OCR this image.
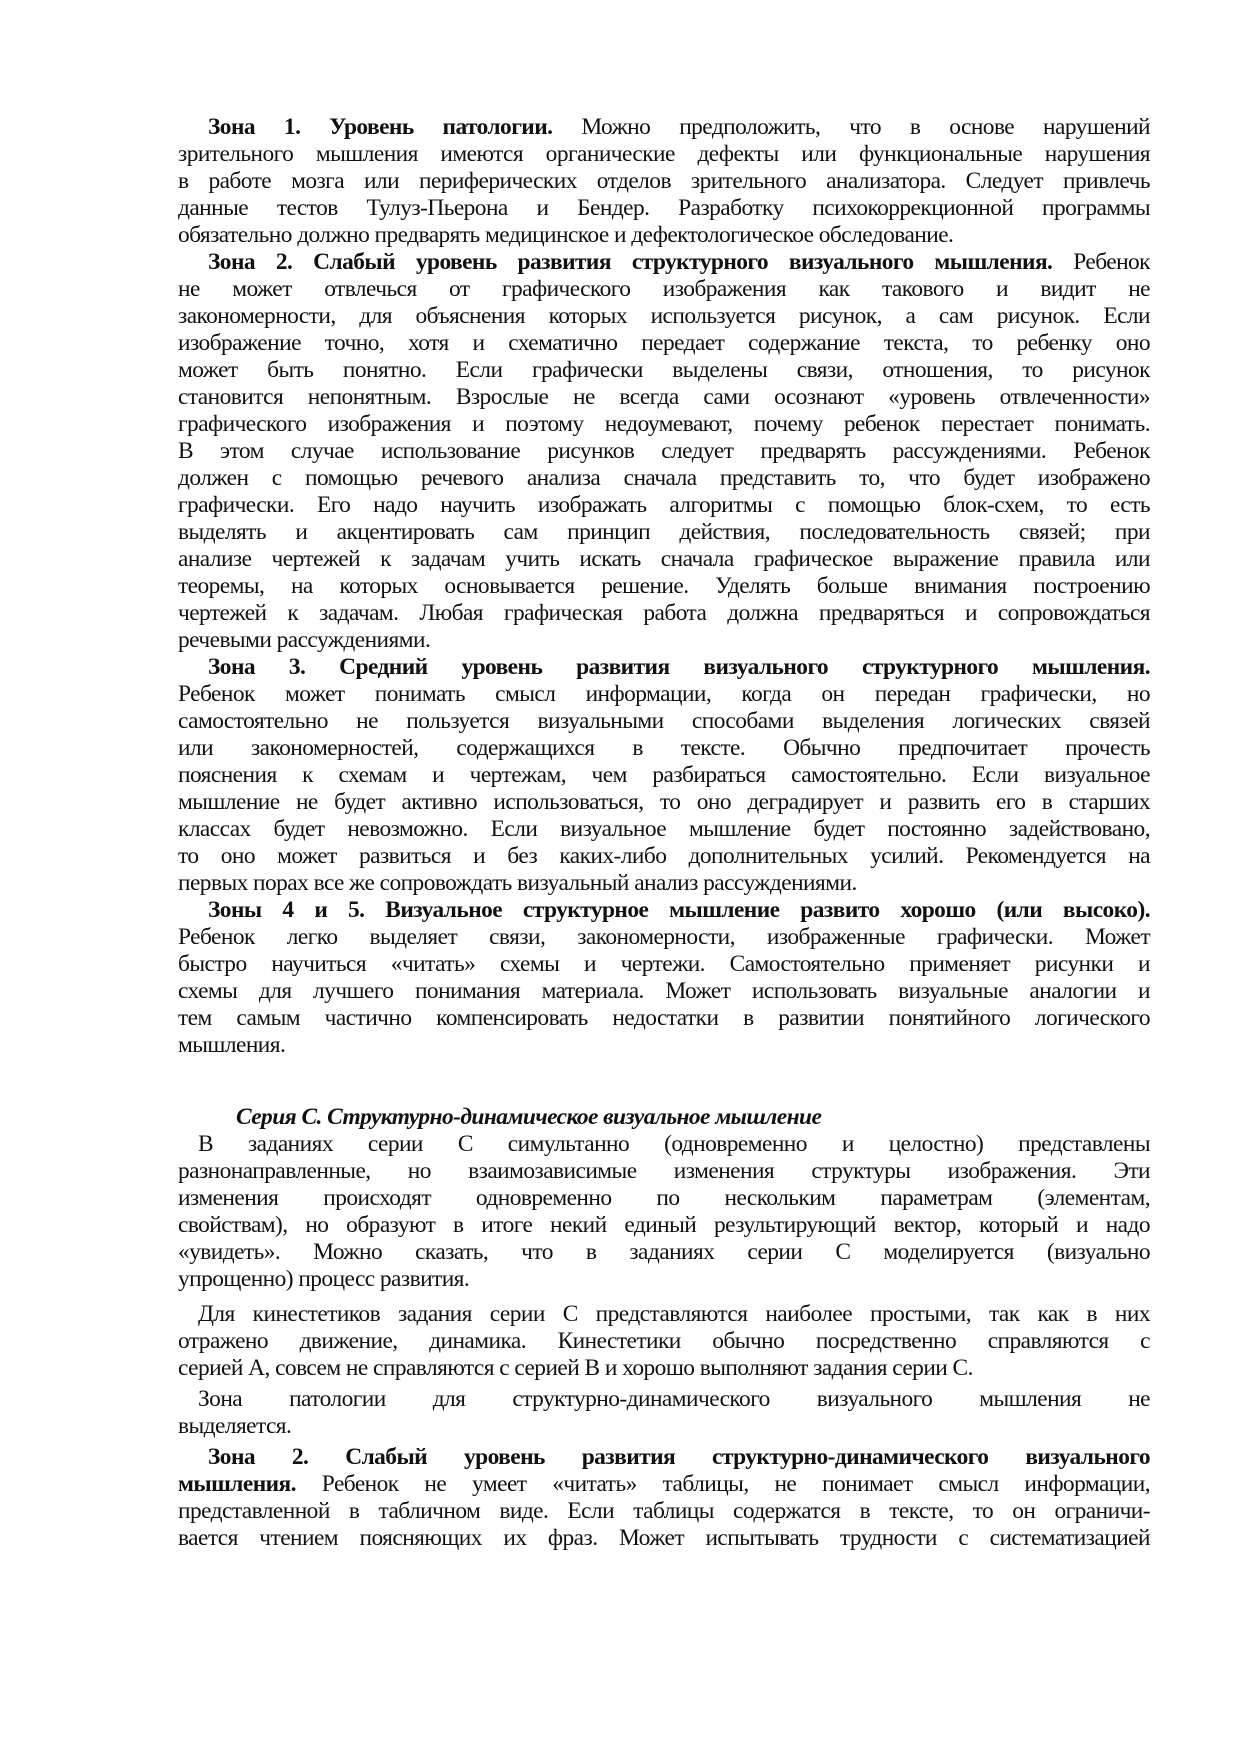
Зона 1. Уровень патологии. Можно предположить, что в основе нарушений
зрительного мышления имеются органические дефекты или функциональные нарушения
в работе мозга или периферических отделов зрительного анализатора. Следует привлечь
данные тестов Тулуз-Пьерона и Бендер. Разработку психокоррекционной программы
обязательно должно предварять медицинское и дефектологическое обследование.
Зона 2. Слабый уровень развития структурного визуального мышления. Ребенок
не может отвлечься от графического изображения как такового и видит не
закономерности, для объяснения которых используется рисунок, а сам рисунок. Если
изображение точно, хотя и схематично передает содержание текста, то ребенку оно
может быть понятно. Если графически выделены связи, отношения, то рисунок
становится непонятным. Взрослые не всегда сами осознают «уровень отвлеченности»
графического изображения и поэтому недоумевают, почему ребенок перестает понимать.
В этом случае использование рисунков следует предварять рассуждениями. Ребенок
должен с помощью речевого анализа сначала представить то, что будет изображено
графически. Его надо научить изображать алгоритмы с помощью блок-схем, то есть
выделять и акцентировать сам принцип действия, последовательность связей; при
анализе чертежей к задачам учить искать сначала графическое выражение правила или
теоремы, на которых основывается решение. Уделять больше внимания построению
чертежей к задачам. Любая графическая работа должна предваряться и сопровождаться
речевыми рассуждениями.
Зона 3. Средний уровень развития визуального структурного мышления.
Ребенок может понимать смысл информации, когда он передан графически, но
самостоятельно не пользуется визуальными способами выделения логических связей
или закономерностей, содержащихся в тексте. Обычно предпочитает прочесть
пояснения к схемам и чертежам, чем разбираться самостоятельно. Если визуальное
мышление не будет активно использоваться, то оно деградирует и развить его в старших
классах будет невозможно. Если визуальное мышление будет постоянно задействовано,
то оно может развиться и без каких-либо дополнительных усилий. Рекомендуется на
первых порах все же сопровождать визуальный анализ рассуждениями.
Зоны 4 и 5. Визуальное структурное мышление развито хорошо (или высоко).
Ребенок легко выделяет связи, закономерности, изображенные графически. Может
быстро научиться «читать» схемы и чертежи. Самостоятельно применяет рисунки и
схемы для лучшего понимания материала. Может использовать визуальные аналогии и
тем самым частично компенсировать недостатки в развитии понятийного логического
мышления.
Серия С. Структурно-динамическое визуальное мышление
В заданиях серии С симультанно (одновременно и целостно) представлены
разнонаправленные, но взаимозависимые изменения структуры изображения. Эти
изменения происходят одновременно по нескольким параметрам (элементам,
свойствам), но образуют в итоге некий единый результирующий вектор, который и надо
«увидеть». Можно сказать, что в заданиях серии С моделируется (визуально
упрощенно) процесс развития.
Для кинестетиков задания серии С представляются наиболее простыми, так как в них
отражено движение, динамика. Кинестетики обычно посредственно справляются с
серией А, совсем не справляются с серией В и хорошо выполняют задания серии С.
Зона патологии для структурно-динамического визуального мышления не
выделяется.
Зона 2. Слабый уровень развития структурно-динамического визуального
мышления. Ребенок не умеет «читать» таблицы, не понимает смысл информации,
представленной в табличном виде. Если таблицы содержатся в тексте, то он ограничи-
вается чтением поясняющих их фраз. Может испытывать трудности с систематизацией
